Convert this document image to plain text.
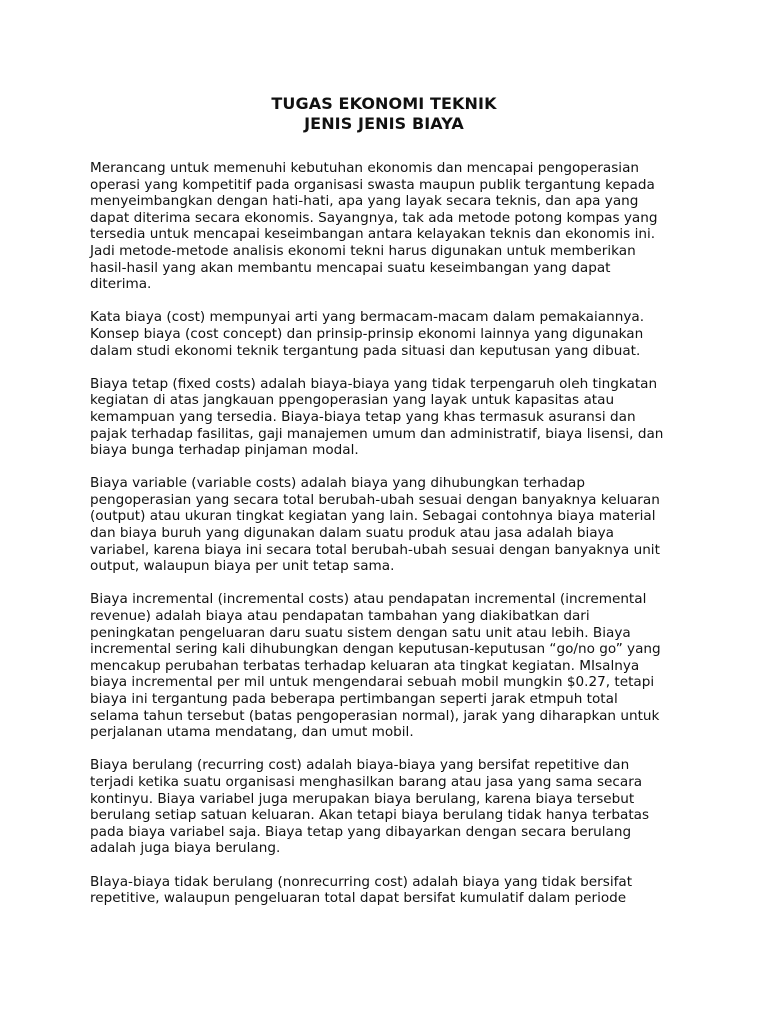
TUGAS EKONOMI TEKNIK
JENIS JENIS BIAYA

Merancang untuk memenuhi kebutuhan ekonomis dan mencapai pengoperasian
operasi yang kompetitif pada organisasi swasta maupun publik tergantung kepada
menyeimbangkan dengan hati-hati, apa yang layak secara teknis, dan apa yang
dapat diterima secara ekonomis. Sayangnya, tak ada metode potong kompas yang
tersedia untuk mencapai keseimbangan antara kelayakan teknis dan ekonomis ini.
Jadi metode-metode analisis ekonomi tekni harus digunakan untuk memberikan
hasil-hasil yang akan membantu mencapai suatu keseimbangan yang dapat
diterima.

Kata biaya (cost) mempunyai arti yang bermacam-macam dalam pemakaiannya.
Konsep biaya (cost concept) dan prinsip-prinsip ekonomi lainnya yang digunakan
dalam studi ekonomi teknik tergantung pada situasi dan keputusan yang dibuat.

Biaya tetap (ﬁxed costs) adalah biaya-biaya yang tidak terpengaruh oleh tingkatan
kegiatan di atas jangkauan ppengoperasian yang layak untuk kapasitas atau
kemampuan yang tersedia. Biaya-biaya tetap yang khas termasuk asuransi dan
pajak terhadap fasilitas, gaji manajemen umum dan administratif, biaya lisensi, dan
biaya bunga terhadap pinjaman modal.

Biaya variable (variable costs) adalah biaya yang dihubungkan terhadap
pengoperasian yang secara total berubah-ubah sesuai dengan banyaknya keluaran
(output) atau ukuran tingkat kegiatan yang lain. Sebagai contohnya biaya material
dan biaya buruh yang digunakan dalam suatu produk atau jasa adalah biaya
variabel, karena biaya ini secara total berubah-ubah sesuai dengan banyaknya unit
output, walaupun biaya per unit tetap sama.

Biaya incremental (incremental costs) atau pendapatan incremental (incremental
revenue) adalah biaya atau pendapatan tambahan yang diakibatkan dari
peningkatan pengeluaran daru suatu sistem dengan satu unit atau lebih. Biaya
incremental sering kali dihubungkan dengan keputusan-keputusan “go/no go” yang
mencakup perubahan terbatas terhadap keluaran ata tingkat kegiatan. MIsalnya
biaya incremental per mil untuk mengendarai sebuah mobil mungkin $0.27, tetapi
biaya ini tergantung pada beberapa pertimbangan seperti jarak etmpuh total
selama tahun tersebut (batas pengoperasian normal), jarak yang diharapkan untuk
perjalanan utama mendatang, dan umut mobil.

Biaya berulang (recurring cost) adalah biaya-biaya yang bersifat repetitive dan
terjadi ketika suatu organisasi menghasilkan barang atau jasa yang sama secara
kontinyu. Biaya variabel juga merupakan biaya berulang, karena biaya tersebut
berulang setiap satuan keluaran. Akan tetapi biaya berulang tidak hanya terbatas
pada biaya variabel saja. Biaya tetap yang dibayarkan dengan secara berulang
adalah juga biaya berulang.

BIaya-biaya tidak berulang (nonrecurring cost) adalah biaya yang tidak bersifat
repetitive, walaupun pengeluaran total dapat bersifat kumulatif dalam periode
